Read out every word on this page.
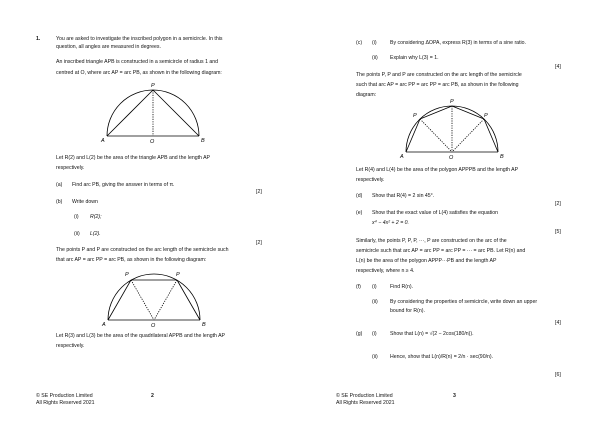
1.	You are asked to investigate the inscribed polygon in a semicircle. In this
question, all angles are measured in degrees.
An inscribed triangle APB is constructed in a semicircle of radius 1 and
centred at O, where arc AP = arc PB, as shown in the following diagram:
P
A	O	B
Let R(2) and L(2) be the area of the triangle APB and the length AP
respectively.
(a) Find arc PB, giving the answer in terms of π.
[2]
(b) Write down
(i) R(2);
(ii) L(2).
[2]
The points P and P are constructed on the arc length of the semicircle such
that arc AP = arc PP = arc PB, as shown in the following diagram:
P	P
A	O	B
Let R(3) and L(3) be the area of the quadrilateral APPB and the length AP
respectively.
© SE Production Limited
All Rights Reserved 2021
2
(c) (i)	By considering ΔOPA, express R(3) in terms of a sine ratio.
(ii) Explain why L(3) = 1.
[4]
The points P, P and P are constructed on the arc length of the semicircle
such that arc AP = arc PP = arc PP = arc PB, as shown in the following
diagram:
P
P
P
A	O	B
Let R(4) and L(4) be the area of the polygon APPPB and the length AP
respectively.
(d) Show that R(4) = 2 sin 45°.
[2]
(e) Show that the exact value of L(4) satisfies the equation
x⁴ − 4x² + 2 = 0.
[5]
Similarly, the points P, P, P, ···, P are constructed on the arc of the
semicircle such that arc AP = arc PP = arc PP = ··· = arc PB. Let R(n) and
L(n) be the area of the polygon APPP···PB and the length AP
respectively, where n ≥ 4.
(f) (i)	Find R(n).
(ii) By considering the properties of semicircle, write down an upper
bound for R(n).
[4]
(g) (i)	Show that L(n) = √(2 − 2cos(180/n)).
(ii) Hence, show that L(n)/R(n) = 2/n · sec(90/n).
[6]
© SE Production Limited
All Rights Reserved 2021
3
